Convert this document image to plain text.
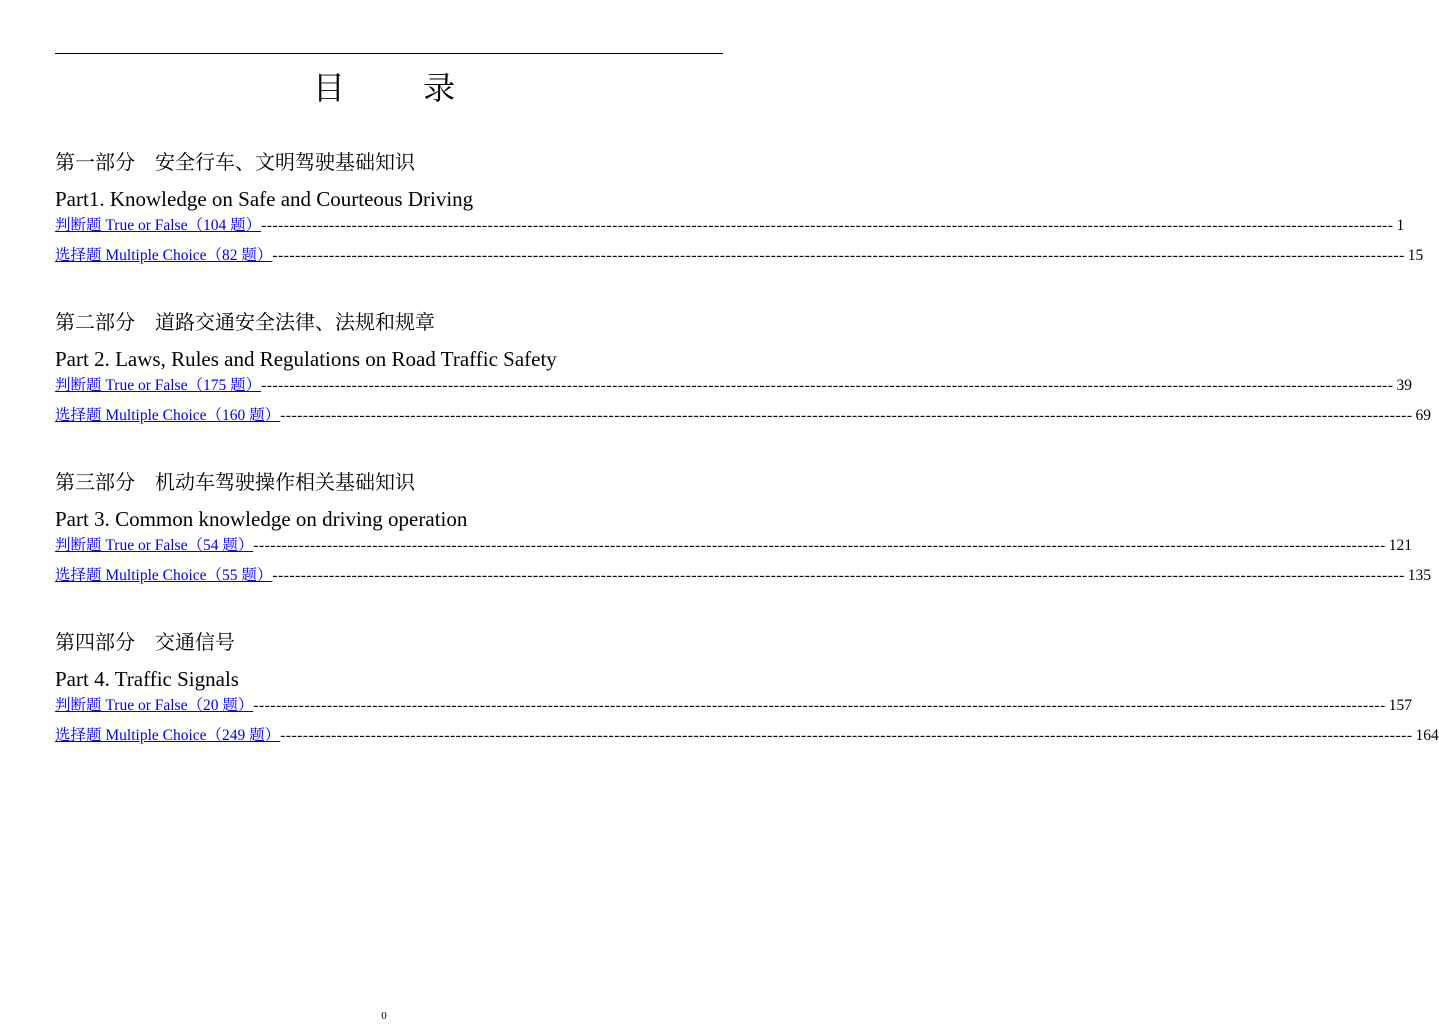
目 录
第一部分　安全行车、文明驾驶基础知识
Part1. Knowledge on Safe and Courteous Driving
判断题 True or False（104 题） -------------------------------------------------------------------------------------------------------------------------------------------------------------------------------------------------------- 1
选择题 Multiple Choice（82 题） -------------------------------------------------------------------------------------------------------------------------------------------------------------------------------------------------------- 15
第二部分　道路交通安全法律、法规和规章
Part 2. Laws, Rules and Regulations on Road Traffic Safety
判断题 True or False（175 题） -------------------------------------------------------------------------------------------------------------------------------------------------------------------------------------------------------- 39
选择题 Multiple Choice（160 题） -------------------------------------------------------------------------------------------------------------------------------------------------------------------------------------------------------- 69
第三部分　机动车驾驶操作相关基础知识
Part 3. Common knowledge on driving operation
判断题 True or False（54 题） -------------------------------------------------------------------------------------------------------------------------------------------------------------------------------------------------------- 121
选择题 Multiple Choice（55 题） -------------------------------------------------------------------------------------------------------------------------------------------------------------------------------------------------------- 135
第四部分　交通信号
Part 4. Traffic Signals
判断题 True or False（20 题） -------------------------------------------------------------------------------------------------------------------------------------------------------------------------------------------------------- 157
选择题 Multiple Choice（249 题） -------------------------------------------------------------------------------------------------------------------------------------------------------------------------------------------------------- 164
0
